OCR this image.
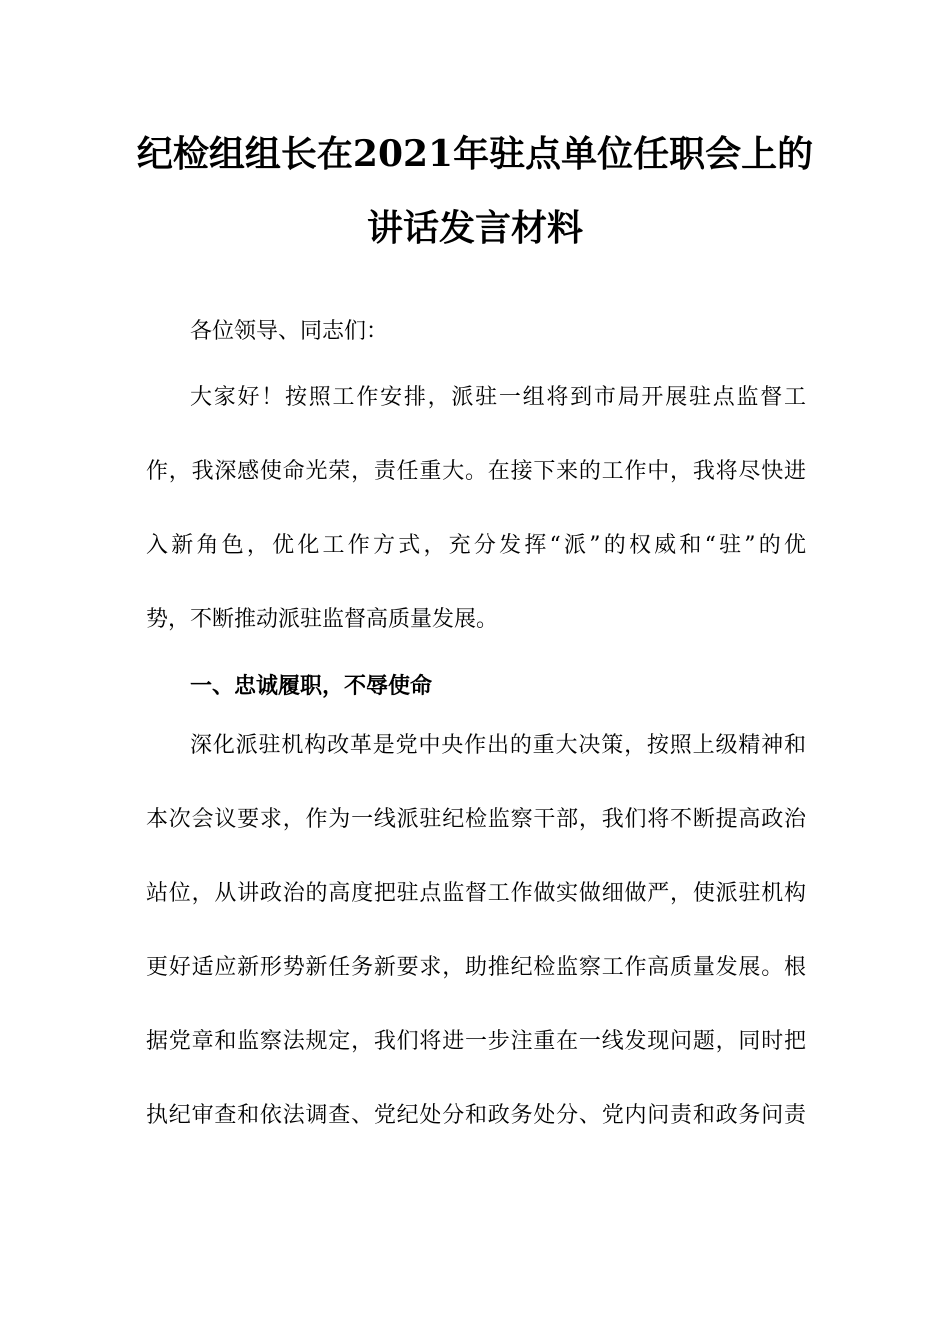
纪检组组长在2021年驻点单位任职会上的
讲话发言材料
各位领导、同志们：
大家好！按照工作安排，派驻一组将到市局开展驻点监督工
作，我深感使命光荣，责任重大。在接下来的工作中，我将尽快进
入新角色，优化工作方式，充分发挥“派”的权威和“驻”的优
势，不断推动派驻监督高质量发展。
一、忠诚履职，不辱使命
深化派驻机构改革是党中央作出的重大决策，按照上级精神和
本次会议要求，作为一线派驻纪检监察干部，我们将不断提高政治
站位，从讲政治的高度把驻点监督工作做实做细做严，使派驻机构
更好适应新形势新任务新要求，助推纪检监察工作高质量发展。根
据党章和监察法规定，我们将进一步注重在一线发现问题，同时把
执纪审查和依法调查、党纪处分和政务处分、党内问责和政务问责
